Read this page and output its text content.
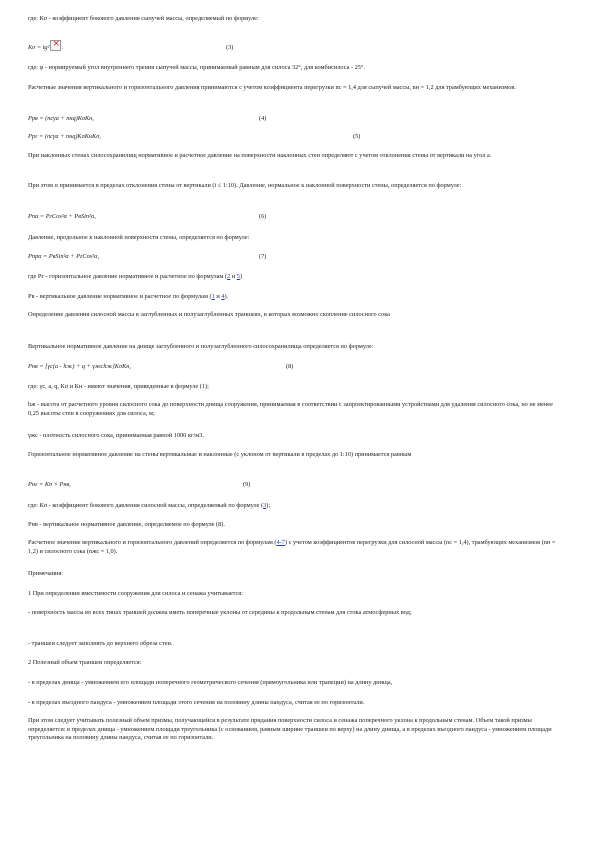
где: Кσ - коэффициент бокового давления сыпучей массы, определяемый по формуле:
Кσ = tg²× .	(3)
где: φ - нормируемый угол внутреннего трения сыпучей массы, принимаемый равным для силоса 32°, для комбисилоса - 25°.
Расчетные значения вертикального и горизонтального давления принимаются с учетом коэффициента перегрузки nс = 1,4 для сыпучей массы, nн = 1,2 для трамбующих механизмов.
Ppв = (ncγa + nнq)КσКн,	(4)
Ppг = (ncγa + nнq)КσКнКσ,	(5)
При наклонных стенах силосохранилищ нормативное и расчетное давление на поверхности наклонных стен определяют с учетом отклонения стены от вертикали на угол a.
При этом α принимается в пределах отклонения стены от вертикали (i ≤ 1:10). Давление, нормальное к наклонной поверхности стены, определяется по формуле:
Pnα = PгCos²α + PвSin²α,	(6)
Давление, продольное к наклонной поверхности стены, определяется по формуле:
Pnpα = PвSin²α + PгCos²α,	(7)
где Pг - горизонтальное давление нормативное и расчетное по формулам (2 и 5)
Pв - вертикальное давление нормативное и расчетное по формулам (1 и 4).
Определение давления силосной массы в заглубленных и полузаглубленных траншеях, в которых возможно скопление силосного сока
Вертикальное нормативное давление на днище заглубленного и полузаглубленного силосохранилища определяется по формуле:
Pнв = [γс(a - hж) + q + γжсhж]КσКн,	(8)
где: γс, a, q, Кσ и Кн - имеют значения, приведенные в формуле (1);
hж - высота от расчетного уровня силосного сока до поверхности днища сооружения, принимаемая в соответствии с запроектированными устройствами для удаления силосного сока, но не менее 0,25 высоты стен в сооружениях для силоса, м;
γжс - плотность силосного сока, принимаемая равной 1000 кг/м3.
Горизонтальное нормативное давление на стены вертикальные и наклонные (с уклоном от вертикали в пределах до 1:10) принимается равным
Pнг = Кσ × Pнв,	(9)
где: Кσ - коэффициент бокового давления силосной массы, определяемый по формуле (3);
Pнв - вертикальное нормативное давление, определяемое по формуле (8).
Расчетное значение вертикального и горизонтального давлений определяется по формулам (4-7) с учетом коэффициентов перегрузки для силосной массы (nс = 1,4), трамбующих механизмов (nн = 1,2) и силосного сока (nжс = 1,0).
Примечания:
1 При определении вместимости сооружения для силоса и сенажа учитывается:
- поверхность массы во всех типах траншей должна иметь поперечные уклоны от середины к продольным стенам для стока атмосферных вод;
- траншеи следует заполнять до верхнего обреза стен.
2 Полезный объем траншеи определяется:
- в пределах днища - умножением его площади поперечного геометрического сечения (прямоугольника или трапеции) на длину днища,
- в пределах въездного пандуса - умножением площади этого сечения на половину длины пандуса, считая ее по горизонтали.
При этом следует учитывать полезный объем призмы, получающейся в результате придания поверхности силоса и сенажа поперечного уклона к продольным стенам. Объем такой призмы определяется: в пределах днища - умножением площади треугольника (с основанием, равным ширине траншеи по верху) на длину днища, а в пределах въездного пандуса - умножением площади треугольника на половину длины пандуса, считая ее по горизонтали.
